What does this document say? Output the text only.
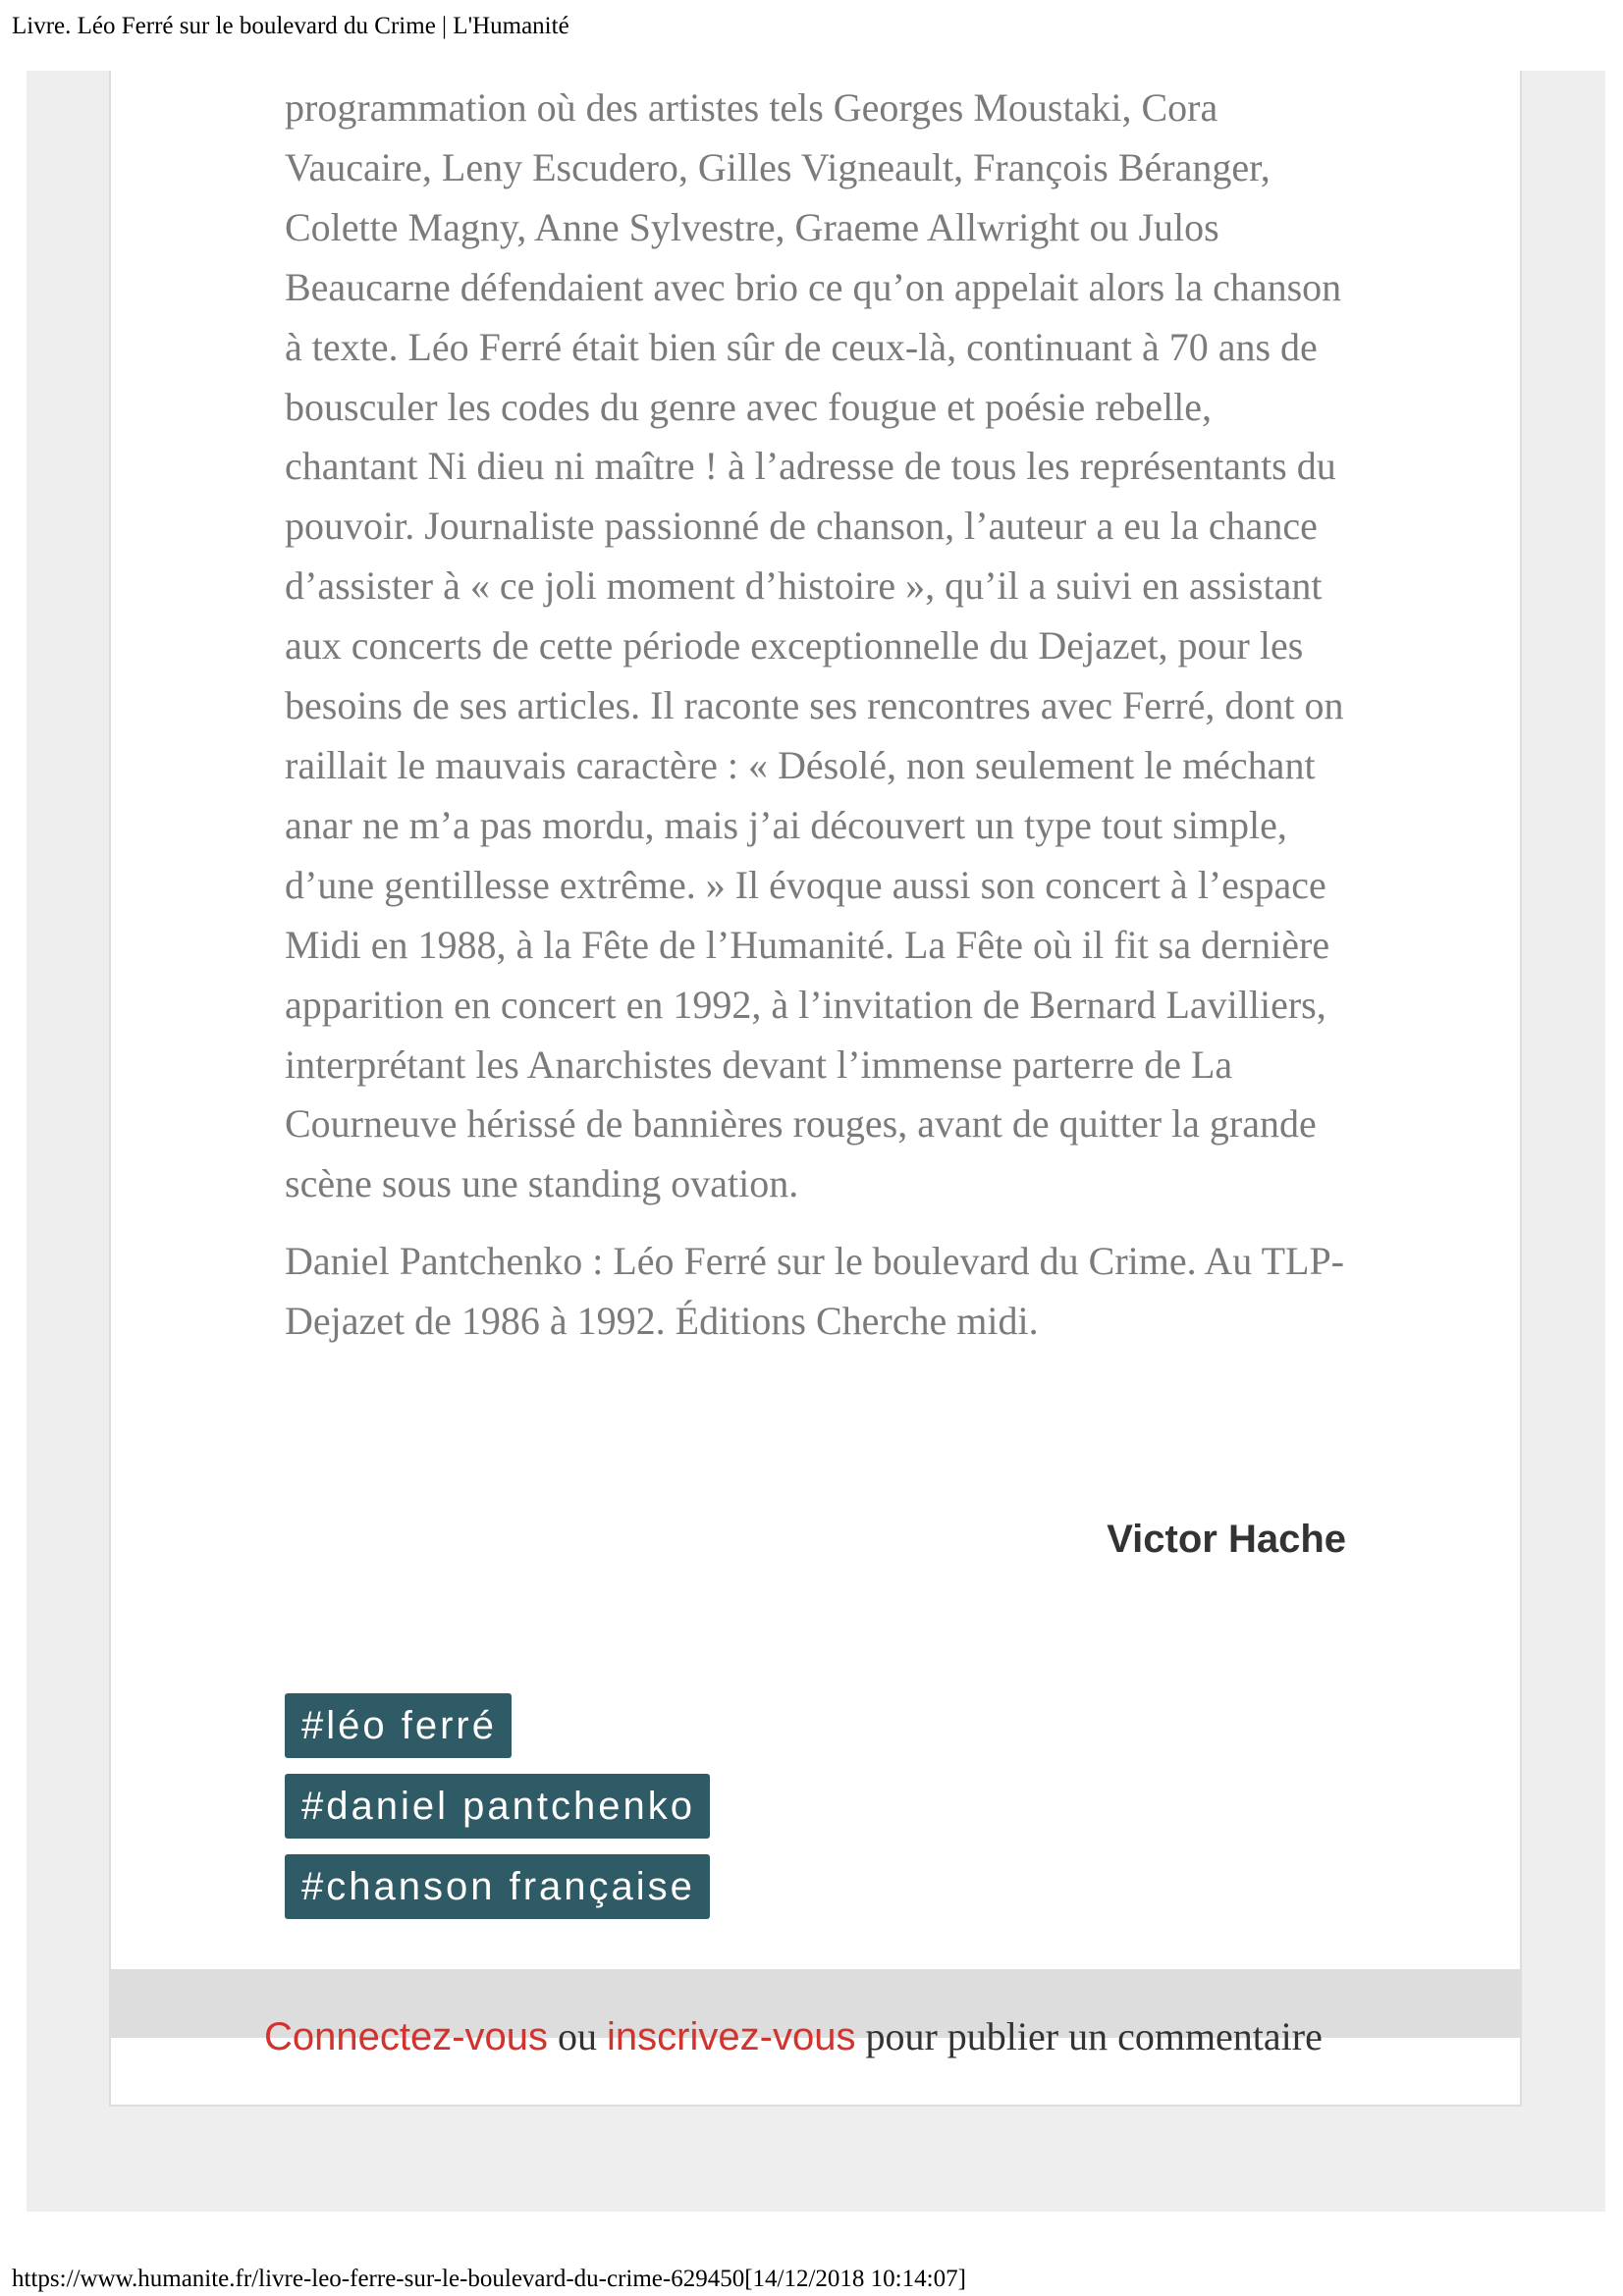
Livre. Léo Ferré sur le boulevard du Crime | L'Humanité

programmation où des artistes tels Georges Moustaki, Cora
Vaucaire, Leny Escudero, Gilles Vigneault, François Béranger,
Colette Magny, Anne Sylvestre, Graeme Allwright ou Julos
Beaucarne défendaient avec brio ce qu’on appelait alors la chanson
à texte. Léo Ferré était bien sûr de ceux-là, continuant à 70 ans de
bousculer les codes du genre avec fougue et poésie rebelle,
chantant Ni dieu ni maître ! à l’adresse de tous les représentants du
pouvoir. Journaliste passionné de chanson, l’auteur a eu la chance
d’assister à « ce joli moment d’histoire », qu’il a suivi en assistant
aux concerts de cette période exceptionnelle du Dejazet, pour les
besoins de ses articles. Il raconte ses rencontres avec Ferré, dont on
raillait le mauvais caractère : « Désolé, non seulement le méchant
anar ne m’a pas mordu, mais j’ai découvert un type tout simple,
d’une gentillesse extrême. » Il évoque aussi son concert à l’espace
Midi en 1988, à la Fête de l’Humanité. La Fête où il fit sa dernière
apparition en concert en 1992, à l’invitation de Bernard Lavilliers,
interprétant les Anarchistes devant l’immense parterre de La
Courneuve hérissé de bannières rouges, avant de quitter la grande
scène sous une standing ovation.

Daniel Pantchenko : Léo Ferré sur le boulevard du Crime. Au TLP-
Dejazet de 1986 à 1992. Éditions Cherche midi.

Victor Hache
#léo ferré
#daniel pantchenko
#chanson française
Connectez-vous ou inscrivez-vous pour publier un commentaire
https://www.humanite.fr/livre-leo-ferre-sur-le-boulevard-du-crime-629450[14/12/2018 10:14:07]
